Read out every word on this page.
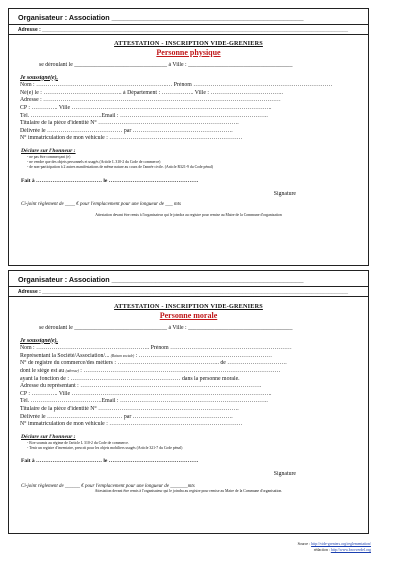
Organisateur : Association ________________________________________________
Adresse : ______________________________________________________________________________________________________________
ATTESTATION - INSCRIPTION VIDE-GRENIERS
Personne physique
se déroulant le ________________________________ à Ville : ____________________________________
Je soussigné(e),
Nom : …………………………………………………………..… Prénom ………………………………………………………………
Né(e) le : ………………………………….. à Département : …………….. Ville : ………………………………..
Adresse : ……………………………………………………………………………………………………………
CP : ………….. Ville …………………………………………………………………………………………..
Tél. ……………………………….Email : …………………………………………………………………..
Titulaire de la pièce d'identité N° ……………………………………………………………….
Délivrée le ………………………………… par …………………………………………….
N° immatriculation de mon véhicule : ……………………………………………………………
Déclare sur l'honneur :
- ne pas être commerçant (e)
- ne vendre que des objets personnels et usagés (Article L 310-2 du Code de commerce)
- de non-participation à 2 autres manifestations de même nature au cours de l'année civile. (Article R321-9 du Code pénal)
Fait à ……………………………… le ………………………………………….
Signature
Ci-joint règlement de ____ € pour l'emplacement pour une longueur de ___ mts
Attestation devant être remis à l'organisateur qui le joindra au registre pour remise au Maire de la Commune d'organisation
Organisateur : Association ________________________________________________
Adresse : ______________________________________________________________________________________________________________
ATTESTATION - INSCRIPTION VIDE-GRENIERS
Personne morale
se déroulant le ________________________________ à Ville : ____________________________________
Je soussigné(e),
Nom : ………………………………………………….. Prénom ………………………………………………………
Représentant la Société/Association/... (Raison sociale) : ……………………………………………………………
N° de registre du commerce/des métiers : …………………………………………….. de ………………………….
dont le siège est au (adresse) : …………………………………………………………………………………………
ayant la fonction de : ………………………………………………… dans la personne morale.
Adresse du représentant : ………………………………………………………………………………….
CP : ………….. Ville …………………………………………………………………………………………..
Tél. ……………………………….Email : …………………………………………………………………..
Titulaire de la pièce d'identité N° ……………………………………………………………….
Délivrée le ………………………………… par …………………………………………….
N° immatriculation de mon véhicule : ……………………………………………………………
Déclare sur l'honneur :
- Être soumis au régime de l'article L 310-2 du Code de commerce.
- Tenir un registre d'inventaire, prescrit pour les objets mobiliers usagés (Article 321-7 du Code pénal)
Fait à ……………………………… le ………………………………………….
Signature
Ci-joint règlement de ______ € pour l'emplacement pour une longueur de _______mts
Attestation devant être remis à l'organisateur qui le joindra au registre pour remise au Maire de la Commune d'organisation.
Source : http://vide-greniers.org/reglementation/
rédaction : http://www.brocverdel.org
